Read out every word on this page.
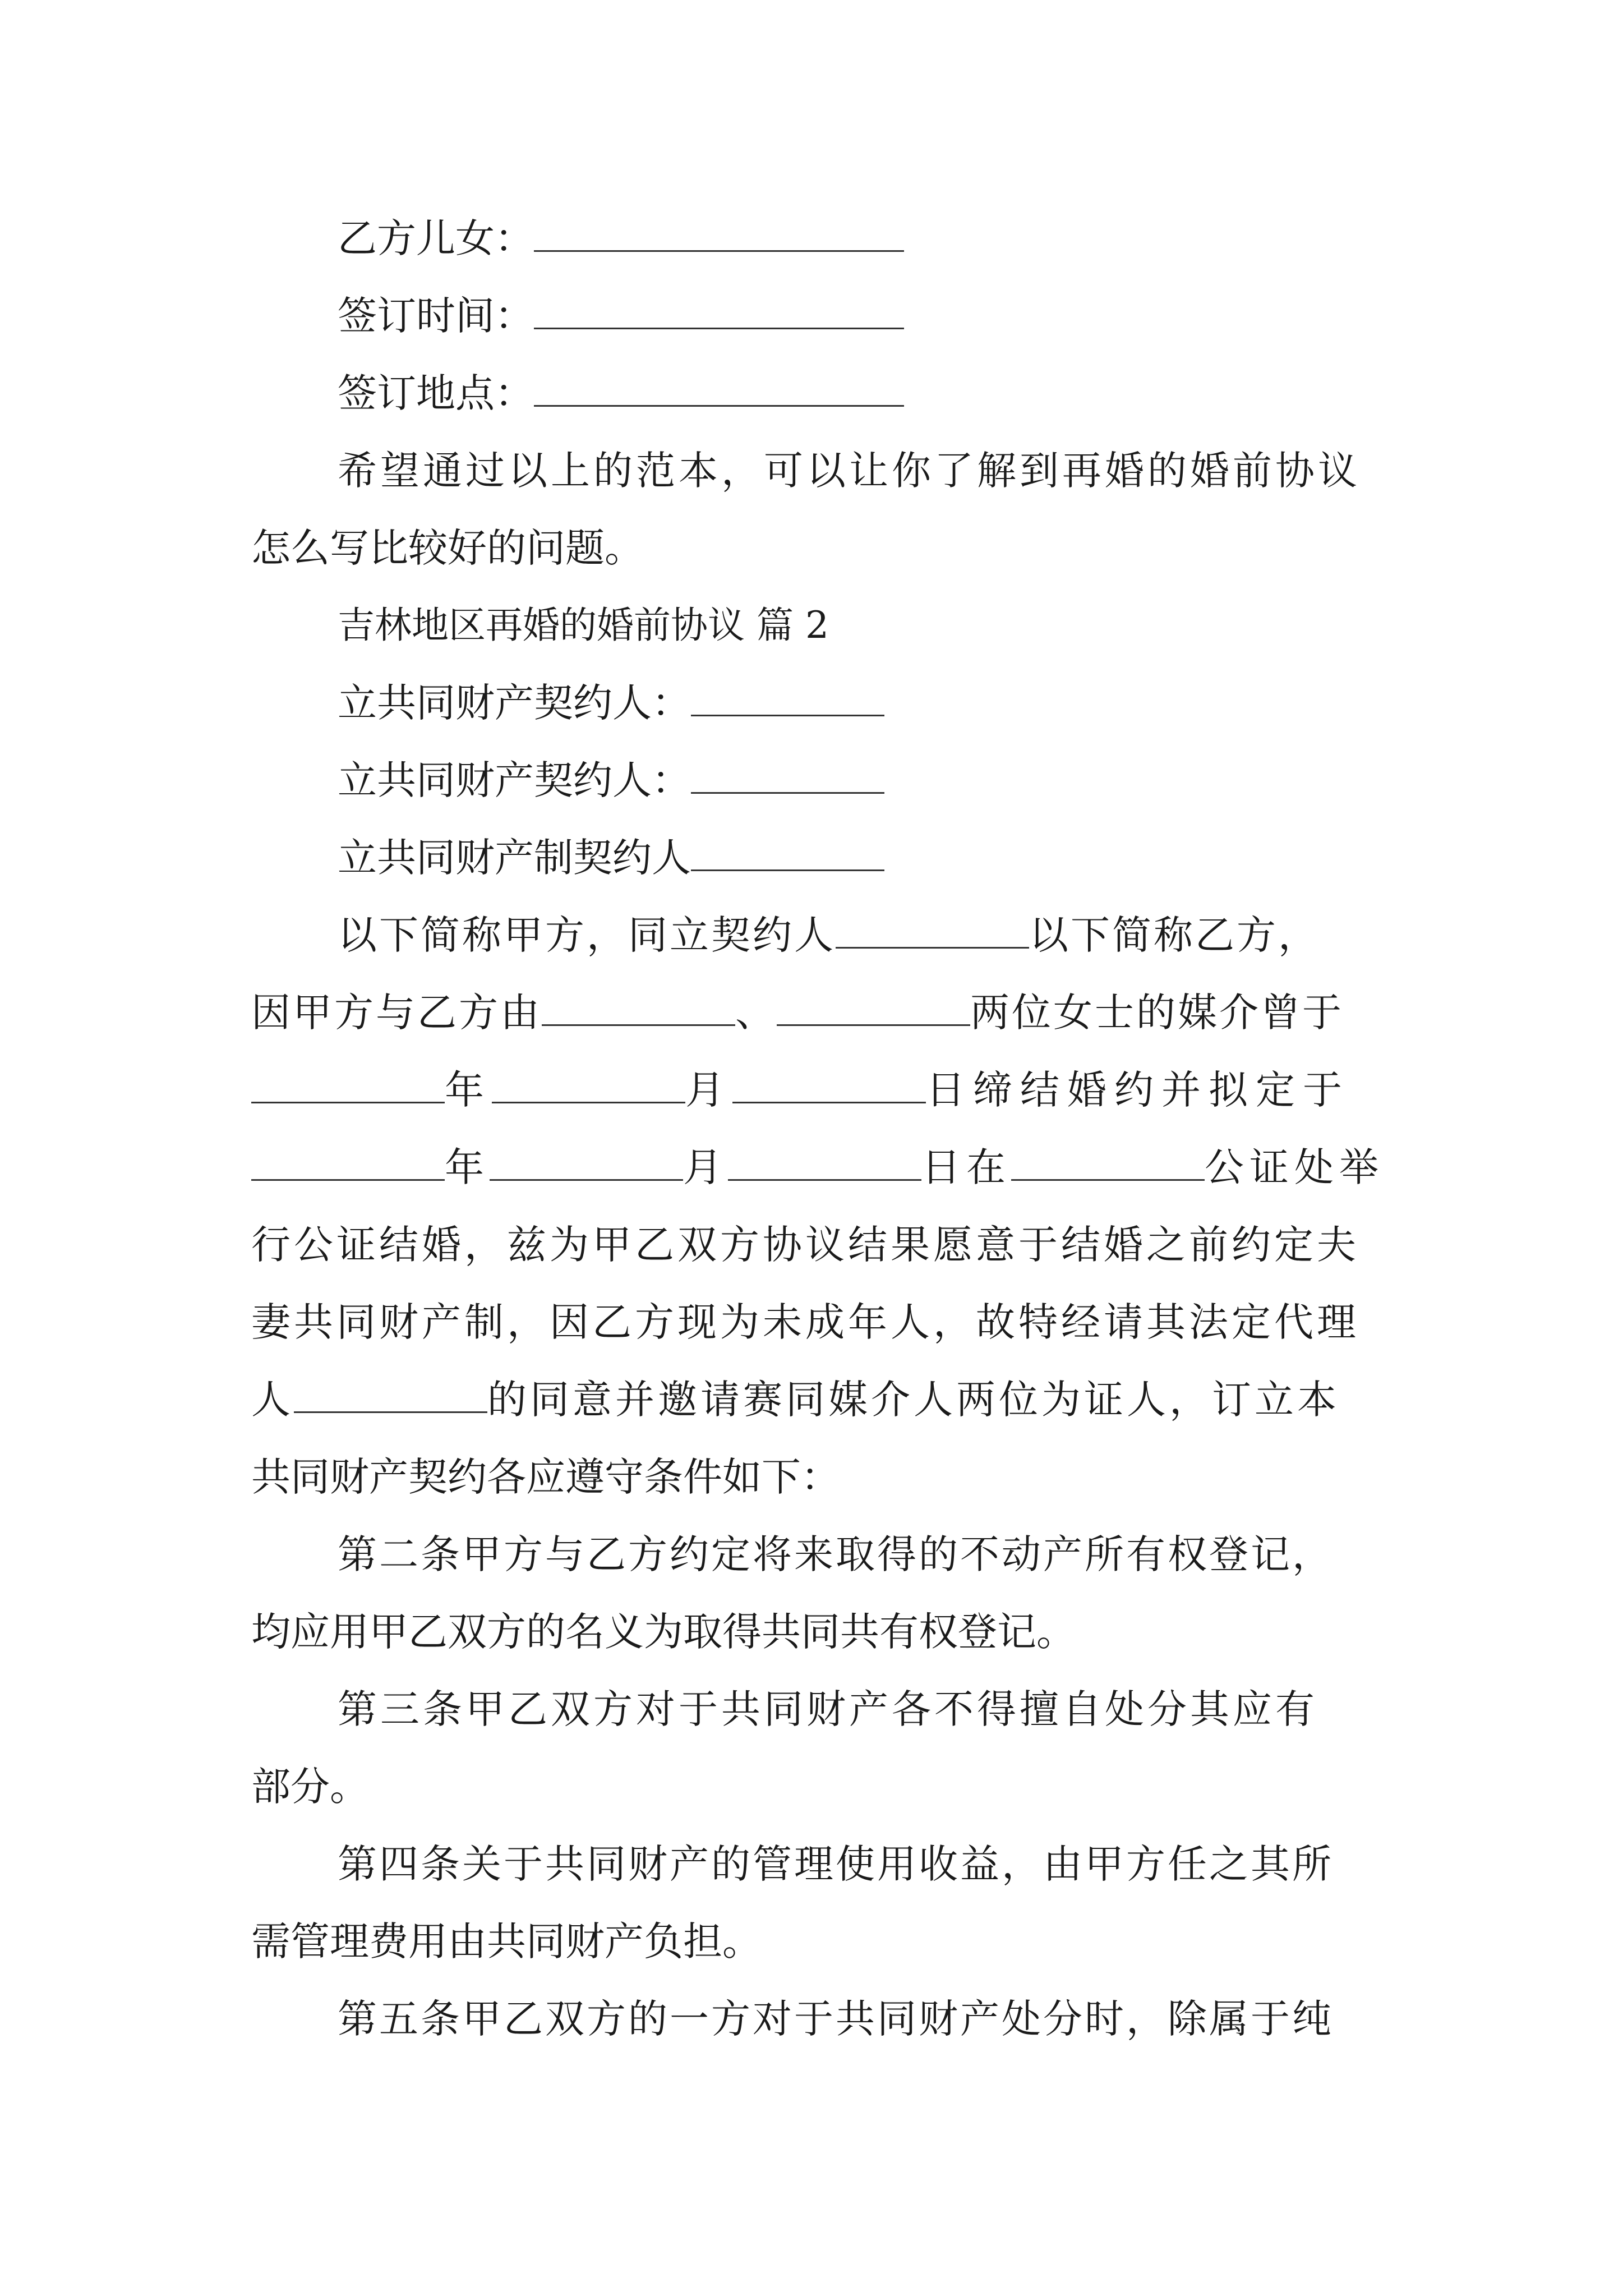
乙方儿女：
签订时间：
签订地点：
希望通过以上的范本，可以让你了解到再婚的婚前协议
怎么写比较好的问题。
吉林地区再婚的婚前协议 篇 2
立共同财产契约人：
立共同财产契约人：
立共同财产制契约人
以下简称甲方，同立契约人	以下简称乙方，
因甲方与乙方由	、	两位女士的媒介曾于
年	月	日缔结婚约并拟定于
年	月	日在	公证处举
行公证结婚，兹为甲乙双方协议结果愿意于结婚之前约定夫
妻共同财产制，因乙方现为未成年人，故特经请其法定代理
人	的同意并邀请赛同媒介人两位为证人，订立本
共同财产契约各应遵守条件如下：
第二条甲方与乙方约定将来取得的不动产所有权登记，
均应用甲乙双方的名义为取得共同共有权登记。
第三条甲乙双方对于共同财产各不得擅自处分其应有
部分。
第四条关于共同财产的管理使用收益，由甲方任之其所
需管理费用由共同财产负担。
第五条甲乙双方的一方对于共同财产处分时，除属于纯
